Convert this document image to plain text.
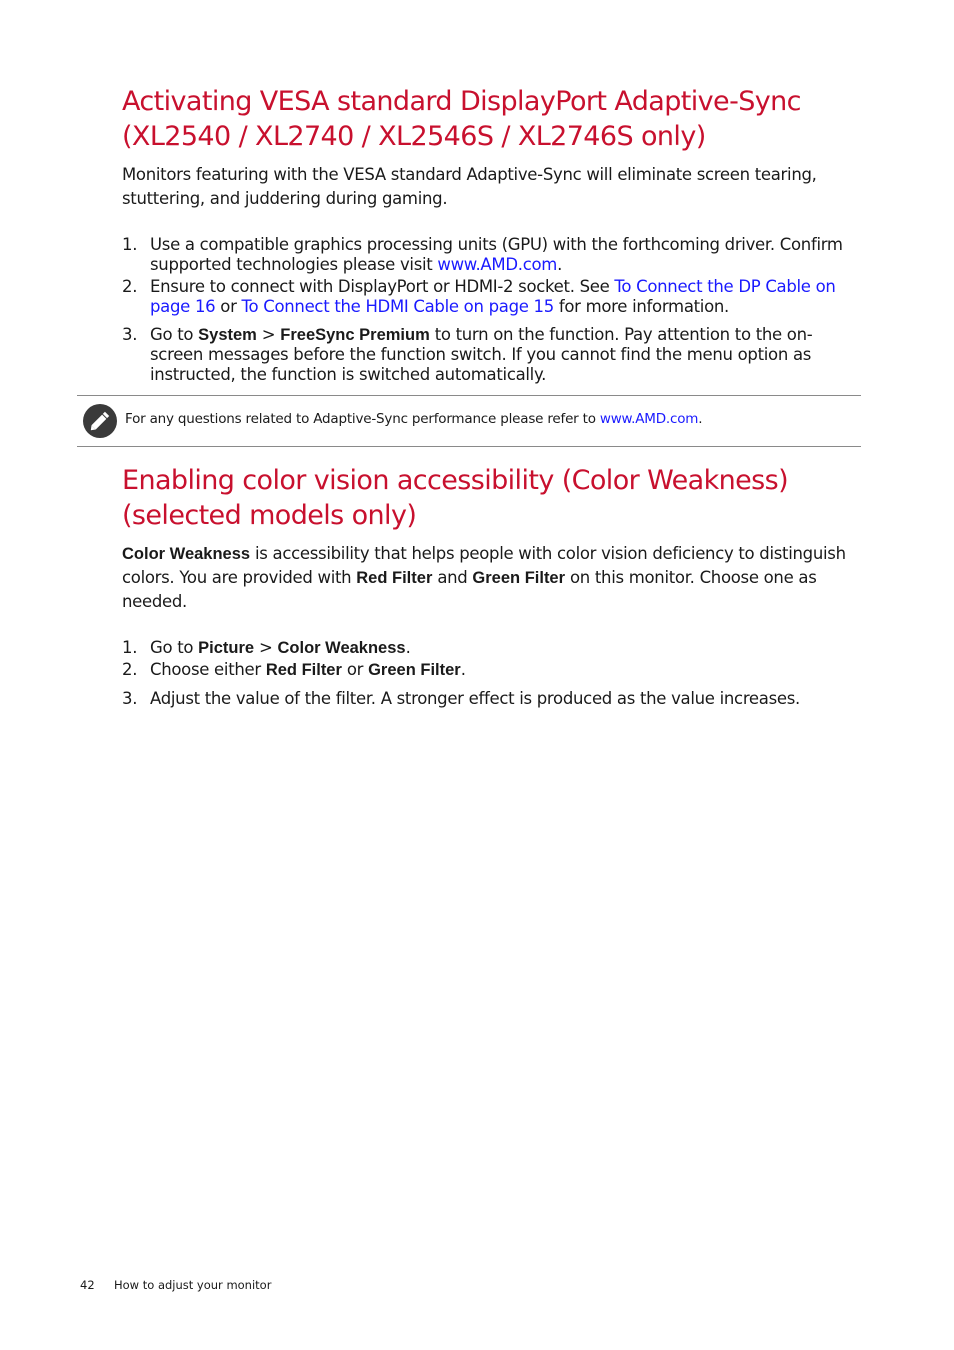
Activating VESA standard DisplayPort Adaptive-Sync (XL2540 / XL2740 / XL2546S / XL2746S only)

Monitors featuring with the VESA standard Adaptive-Sync will eliminate screen tearing, stuttering, and juddering during gaming.

1. Use a compatible graphics processing units (GPU) with the forthcoming driver. Confirm supported technologies please visit www.AMD.com.
2. Ensure to connect with DisplayPort or HDMI-2 socket. See To Connect the DP Cable on page 16 or To Connect the HDMI Cable on page 15 for more information.
3. Go to System > FreeSync Premium to turn on the function. Pay attention to the on-screen messages before the function switch. If you cannot find the menu option as instructed, the function is switched automatically.
For any questions related to Adaptive-Sync performance please refer to www.AMD.com.
Enabling color vision accessibility (Color Weakness) (selected models only)

Color Weakness is accessibility that helps people with color vision deficiency to distinguish colors. You are provided with Red Filter and Green Filter on this monitor. Choose one as needed.

1. Go to Picture > Color Weakness.
2. Choose either Red Filter or Green Filter.
3. Adjust the value of the filter. A stronger effect is produced as the value increases.
42 How to adjust your monitor
